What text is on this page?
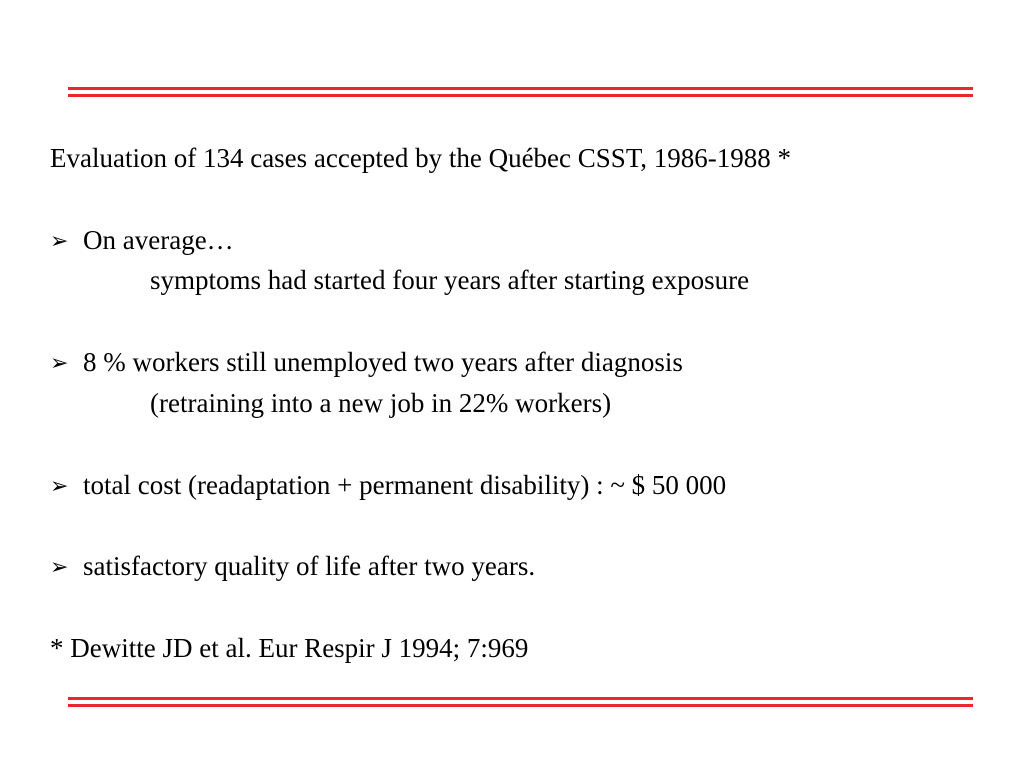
Evaluation of 134 cases accepted by the Québec CSST, 1986-1988 *
➢ On average…
symptoms had started four years after starting exposure
➢ 8 % workers still unemployed two years after diagnosis
(retraining into a new job in 22% workers)
➢ total cost (readaptation + permanent disability) : ~ $ 50 000
➢ satisfactory quality of life after two years.
* Dewitte JD et al. Eur Respir J 1994; 7:969
